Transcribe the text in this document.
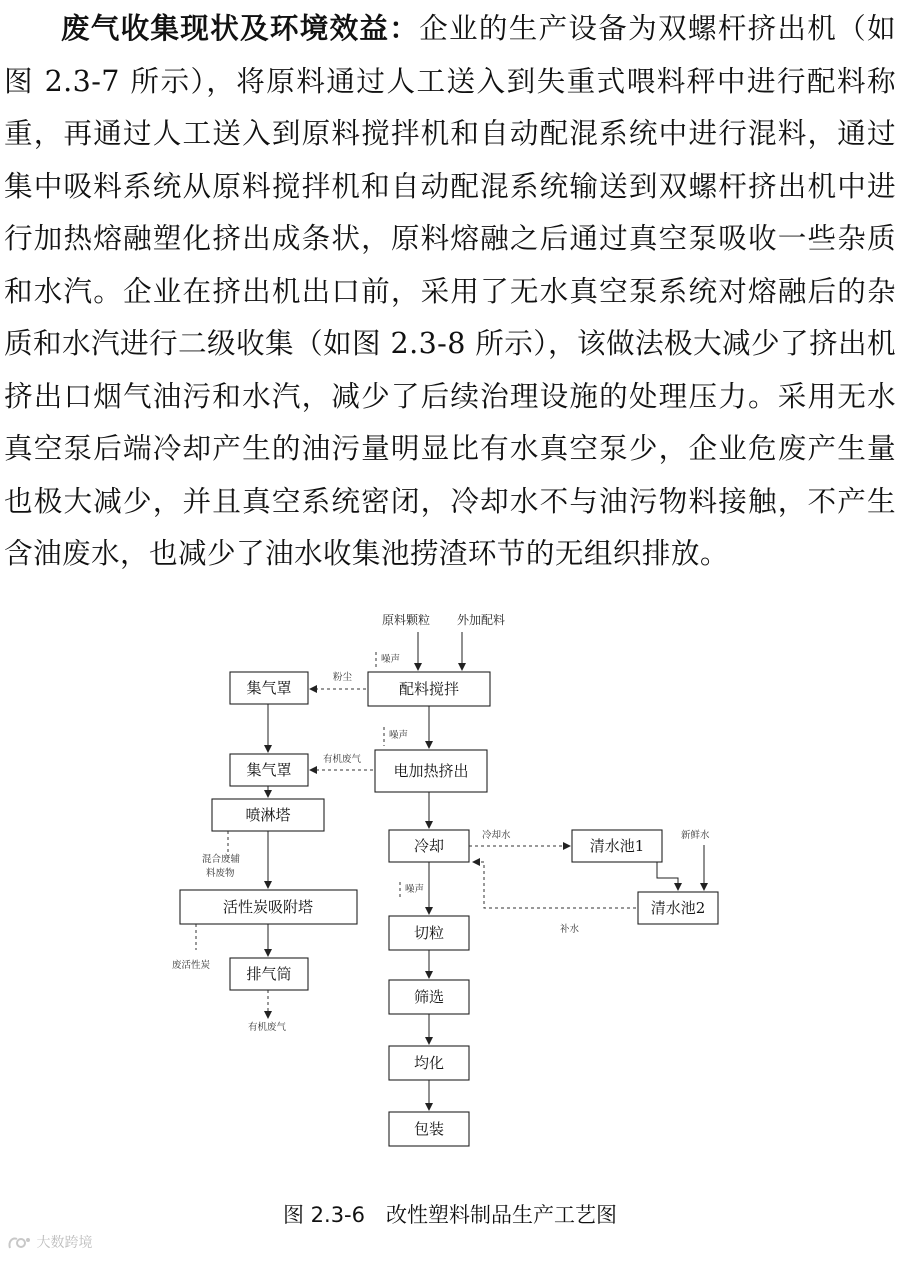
废气收集现状及环境效益：企业的生产设备为双螺杆挤出机（如图 2.3-7 所示），将原料通过人工送入到失重式喂料秤中进行配料称重，再通过人工送入到原料搅拌机和自动配混系统中进行混料，通过集中吸料系统从原料搅拌机和自动配混系统输送到双螺杆挤出机中进行加热熔融塑化挤出成条状，原料熔融之后通过真空泵吸收一些杂质和水汽。企业在挤出机出口前，采用了无水真空泵系统对熔融后的杂质和水汽进行二级收集（如图 2.3-8 所示），该做法极大减少了挤出机挤出口烟气油污和水汽，减少了后续治理设施的处理压力。采用无水真空泵后端冷却产生的油污量明显比有水真空泵少，企业危废产生量也极大减少，并且真空系统密闭，冷却水不与油污物料接触，不产生含油废水，也减少了油水收集池捞渣环节的无组织排放。

原料颗粒 外加配料
配料搅拌
集气罩
电加热挤出
集气罩
喷淋塔
冷却	清水池1
活性炭吸附塔	清水池2
切粒
排气筒
筛选
均化
包装
粉尘
有机废气
噪声
噪声
噪声
混合废辅
料废物
废活性炭
有机废气
冷却水	新鲜水
补水
图 2.3-6　改性塑料制品生产工艺图
大数跨境
